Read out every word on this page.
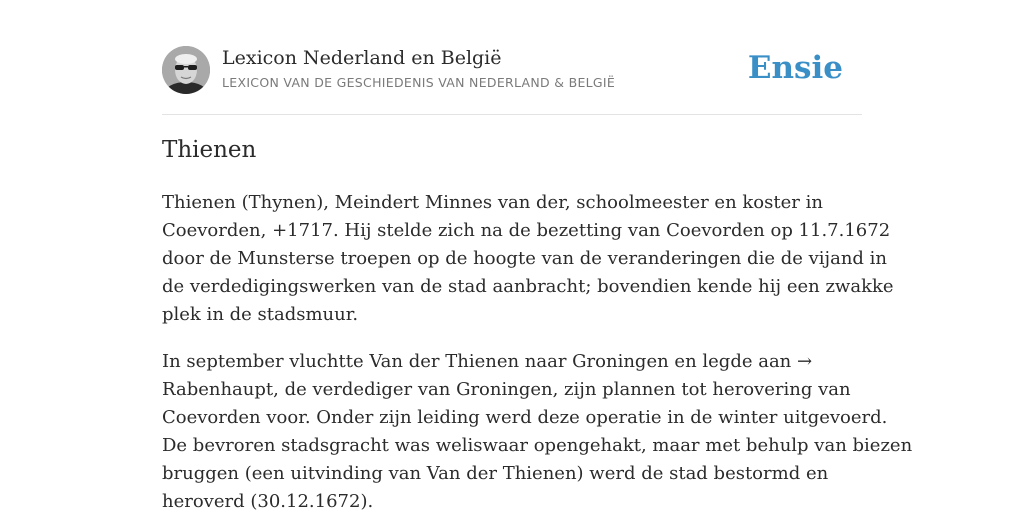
Lexicon Nederland en België
LEXICON VAN DE GESCHIEDENIS VAN NEDERLAND & BELGIË	Ensie
Thienen

Thienen (Thynen), Meindert Minnes van der, schoolmeester en koster in
Coevorden, +1717. Hij stelde zich na de bezetting van Coevorden op 11.7.1672
door de Munsterse troepen op de hoogte van de veranderingen die de vijand in
de verdedigingswerken van de stad aanbracht; bovendien kende hij een zwakke
plek in de stadsmuur.

In september vluchtte Van der Thienen naar Groningen en legde aan →
Rabenhaupt, de verdediger van Groningen, zijn plannen tot herovering van
Coevorden voor. Onder zijn leiding werd deze operatie in de winter uitgevoerd.
De bevroren stadsgracht was weliswaar opengehakt, maar met behulp van biezen
bruggen (een uitvinding van Van der Thienen) werd de stad bestormd en
heroverd (30.12.1672).
